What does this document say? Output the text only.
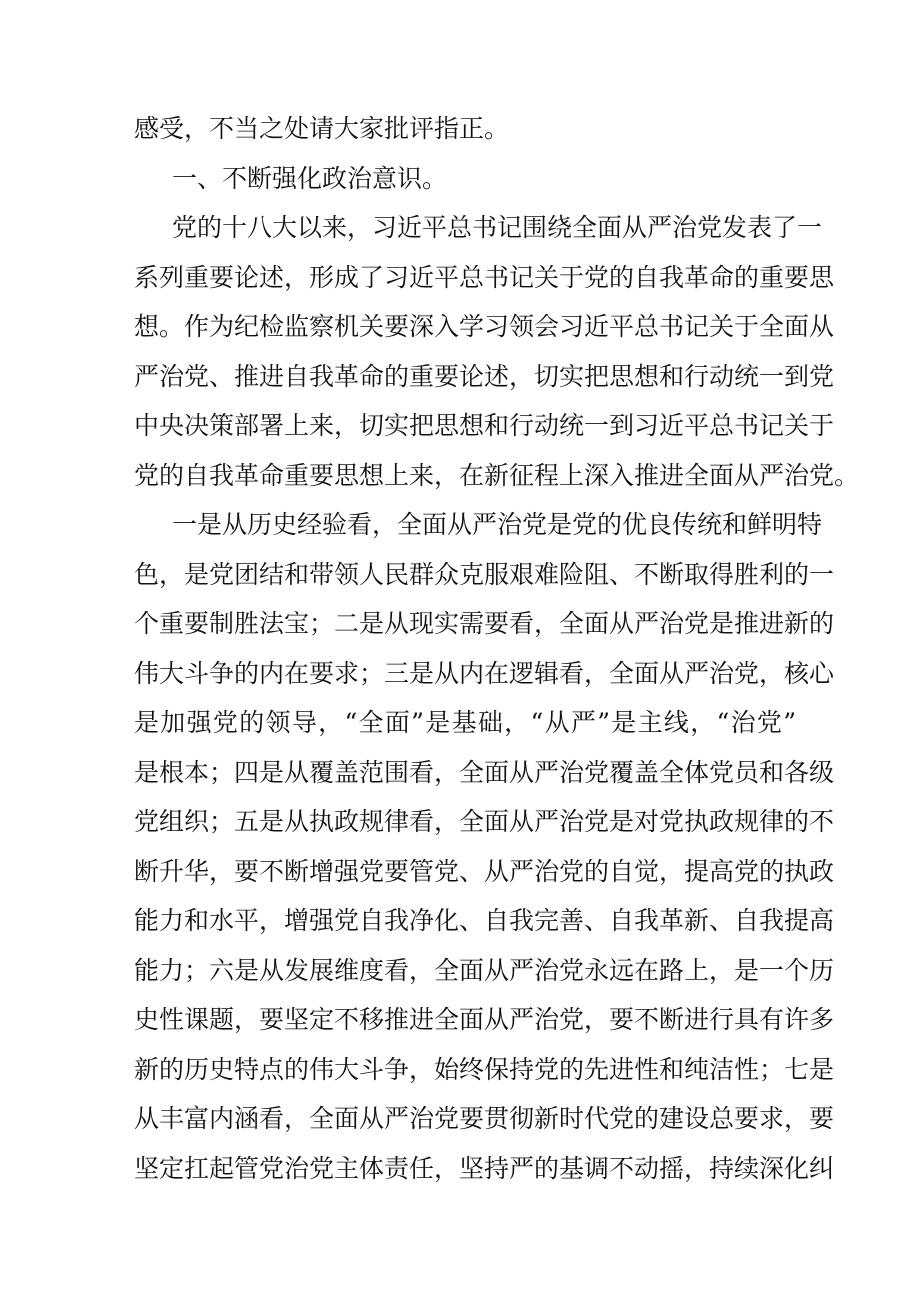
感受，不当之处请大家批评指正。

一、不断强化政治意识。

党的十八大以来，习近平总书记围绕全面从严治党发表了一
系列重要论述，形成了习近平总书记关于党的自我革命的重要思
想。作为纪检监察机关要深入学习领会习近平总书记关于全面从
严治党、推进自我革命的重要论述，切实把思想和行动统一到党
中央决策部署上来，切实把思想和行动统一到习近平总书记关于
党的自我革命重要思想上来，在新征程上深入推进全面从严治党。

一是从历史经验看，全面从严治党是党的优良传统和鲜明特
色，是党团结和带领人民群众克服艰难险阻、不断取得胜利的一
个重要制胜法宝；二是从现实需要看，全面从严治党是推进新的
伟大斗争的内在要求；三是从内在逻辑看，全面从严治党，核心
是加强党的领导，“全面”是基础，“从严”是主线，“治党”
是根本；四是从覆盖范围看，全面从严治党覆盖全体党员和各级
党组织；五是从执政规律看，全面从严治党是对党执政规律的不
断升华，要不断增强党要管党、从严治党的自觉，提高党的执政
能力和水平，增强党自我净化、自我完善、自我革新、自我提高
能力；六是从发展维度看，全面从严治党永远在路上，是一个历
史性课题，要坚定不移推进全面从严治党，要不断进行具有许多
新的历史特点的伟大斗争，始终保持党的先进性和纯洁性；七是
从丰富内涵看，全面从严治党要贯彻新时代党的建设总要求，要
坚定扛起管党治党主体责任，坚持严的基调不动摇，持续深化纠
